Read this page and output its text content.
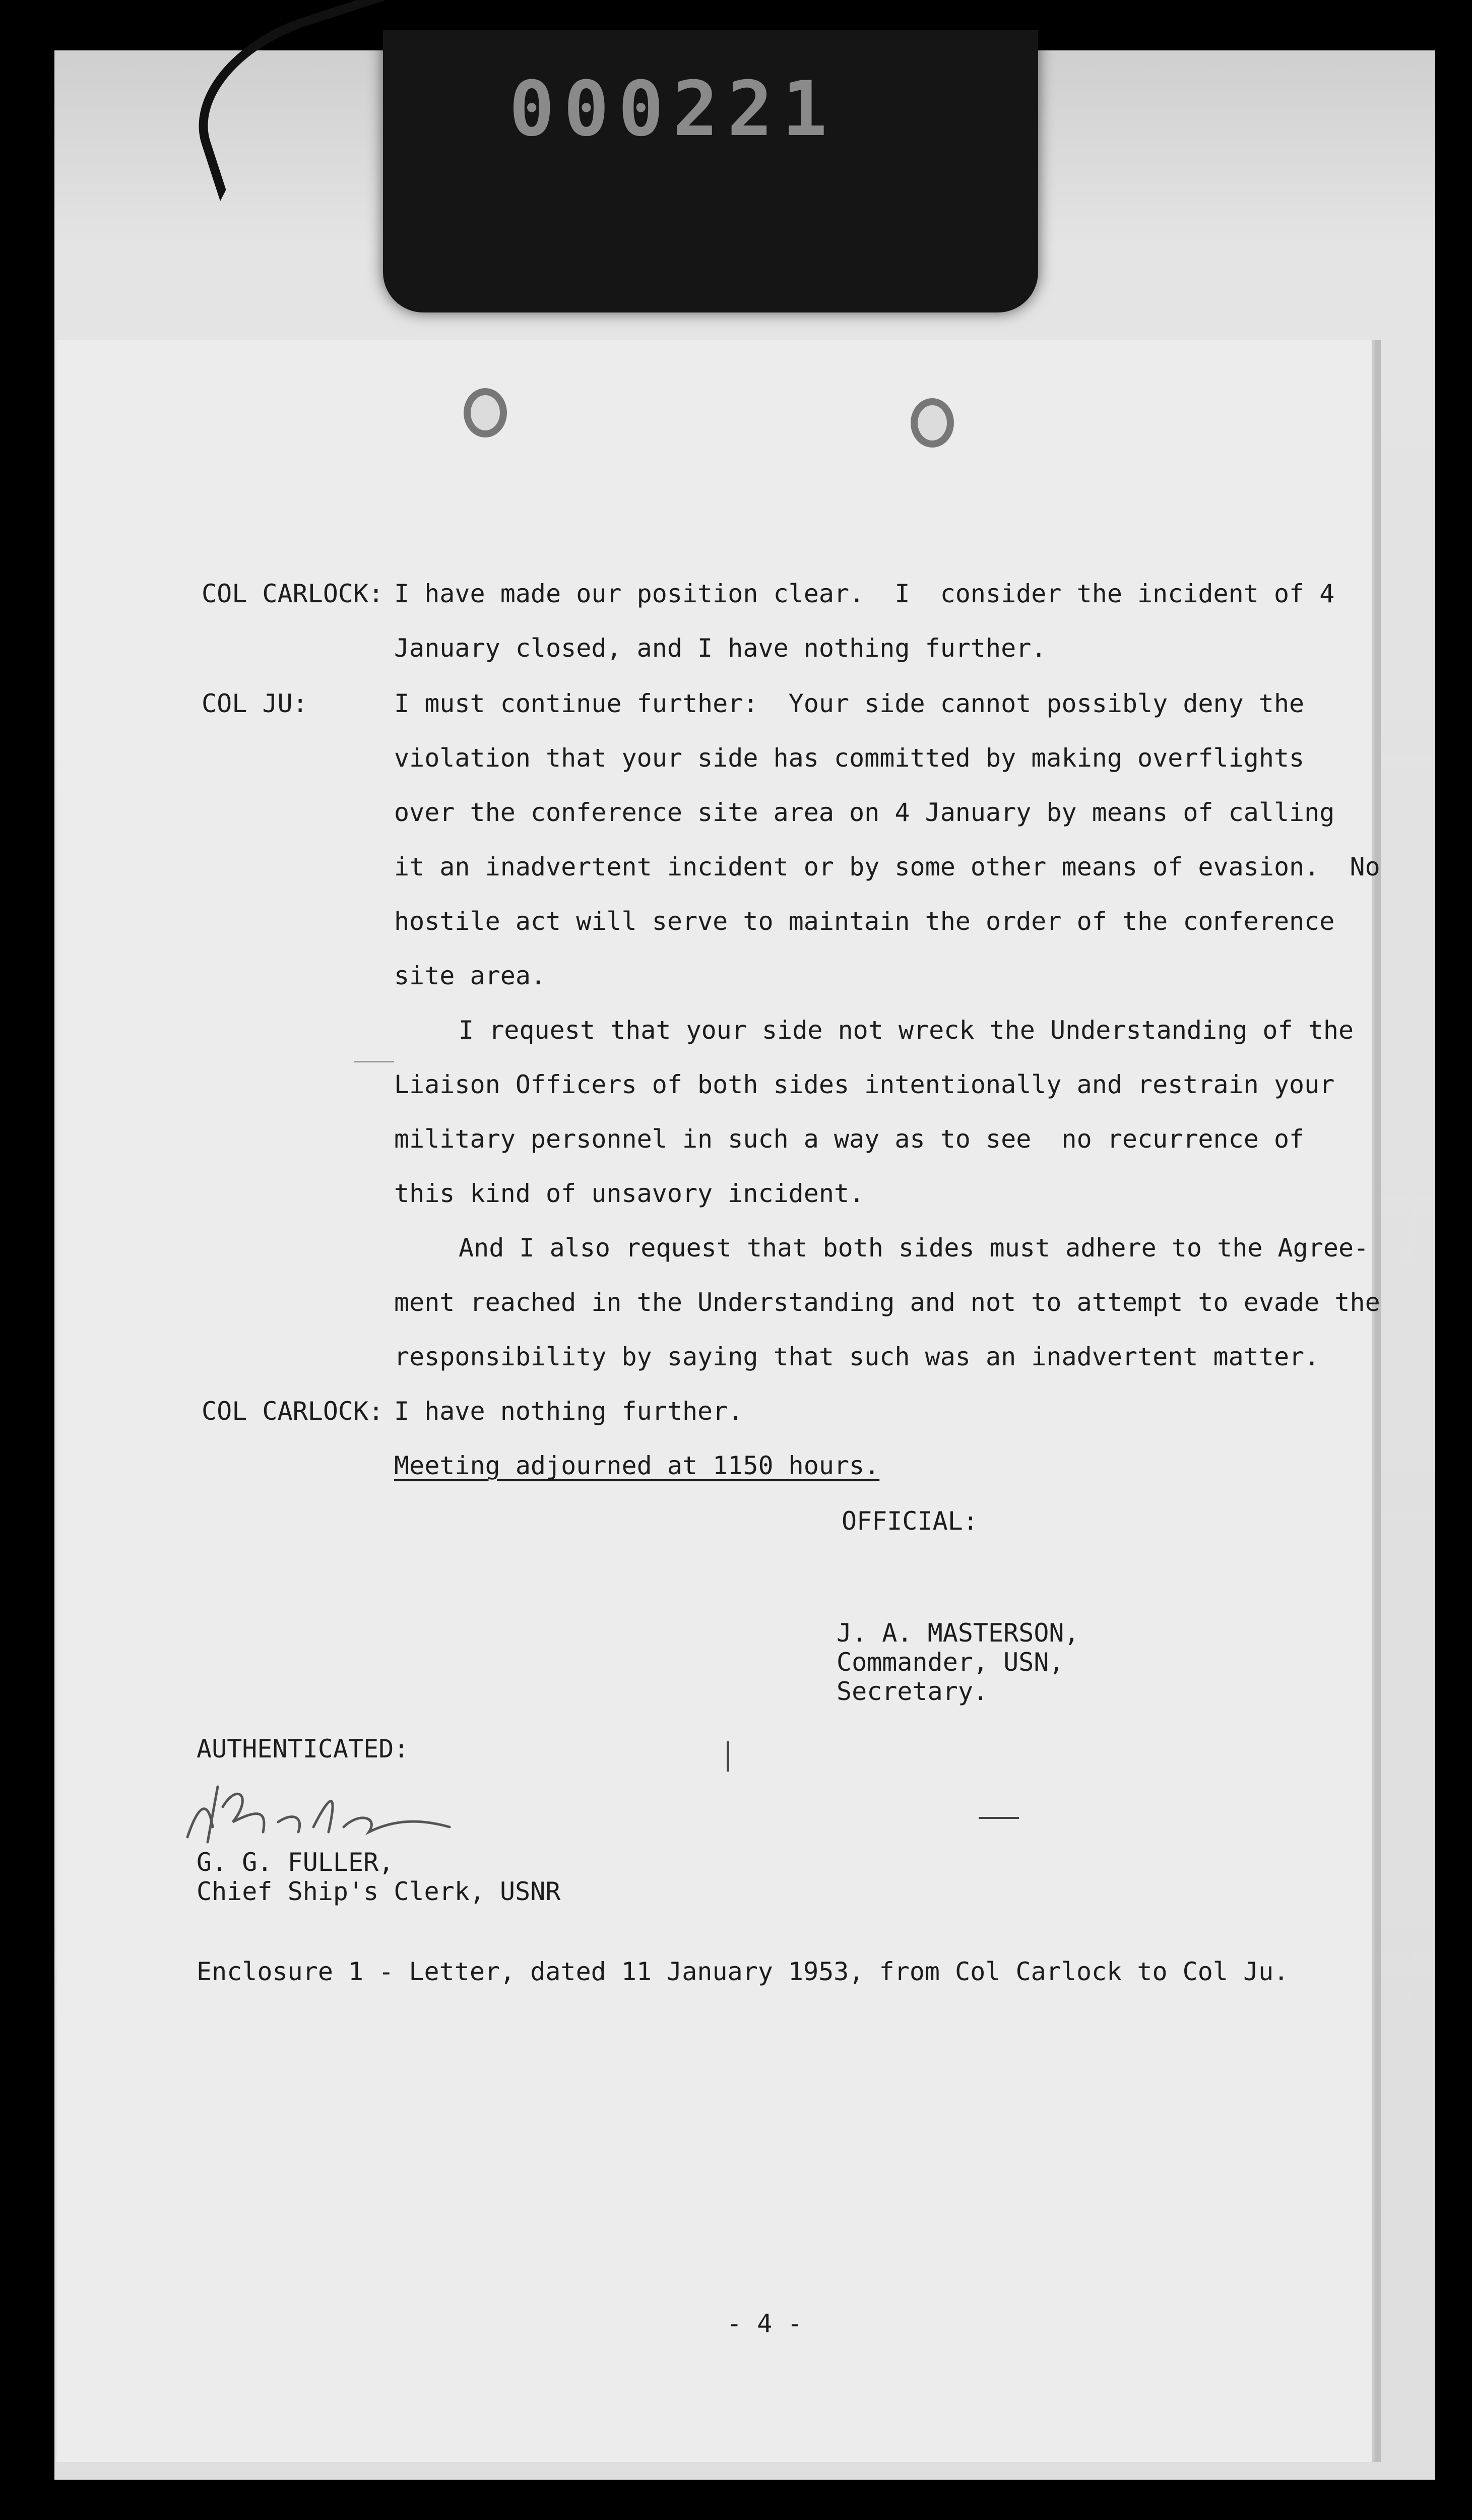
000221
COL CARLOCK: I have made our position clear.  I  consider the incident of 4
January closed, and I have nothing further.
COL JU:	I must continue further:  Your side cannot possibly deny the
violation that your side has committed by making overflights
over the conference site area on 4 January by means of calling
it an inadvertent incident or by some other means of evasion.  No
hostile act will serve to maintain the order of the conference
site area.
I request that your side not wreck the Understanding of the
Liaison Officers of both sides intentionally and restrain your
military personnel in such a way as to see  no recurrence of
this kind of unsavory incident.
And I also request that both sides must adhere to the Agree-
ment reached in the Understanding and not to attempt to evade the
responsibility by saying that such was an inadvertent matter.
COL CARLOCK: I have nothing further.
Meeting adjourned at 1150 hours.
OFFICIAL:
J. A. MASTERSON,
Commander, USN,
Secretary.
AUTHENTICATED:
G. G. FULLER,
Chief Ship's Clerk, USNR
Enclosure 1 - Letter, dated 11 January 1953, from Col Carlock to Col Ju.
- 4 -
